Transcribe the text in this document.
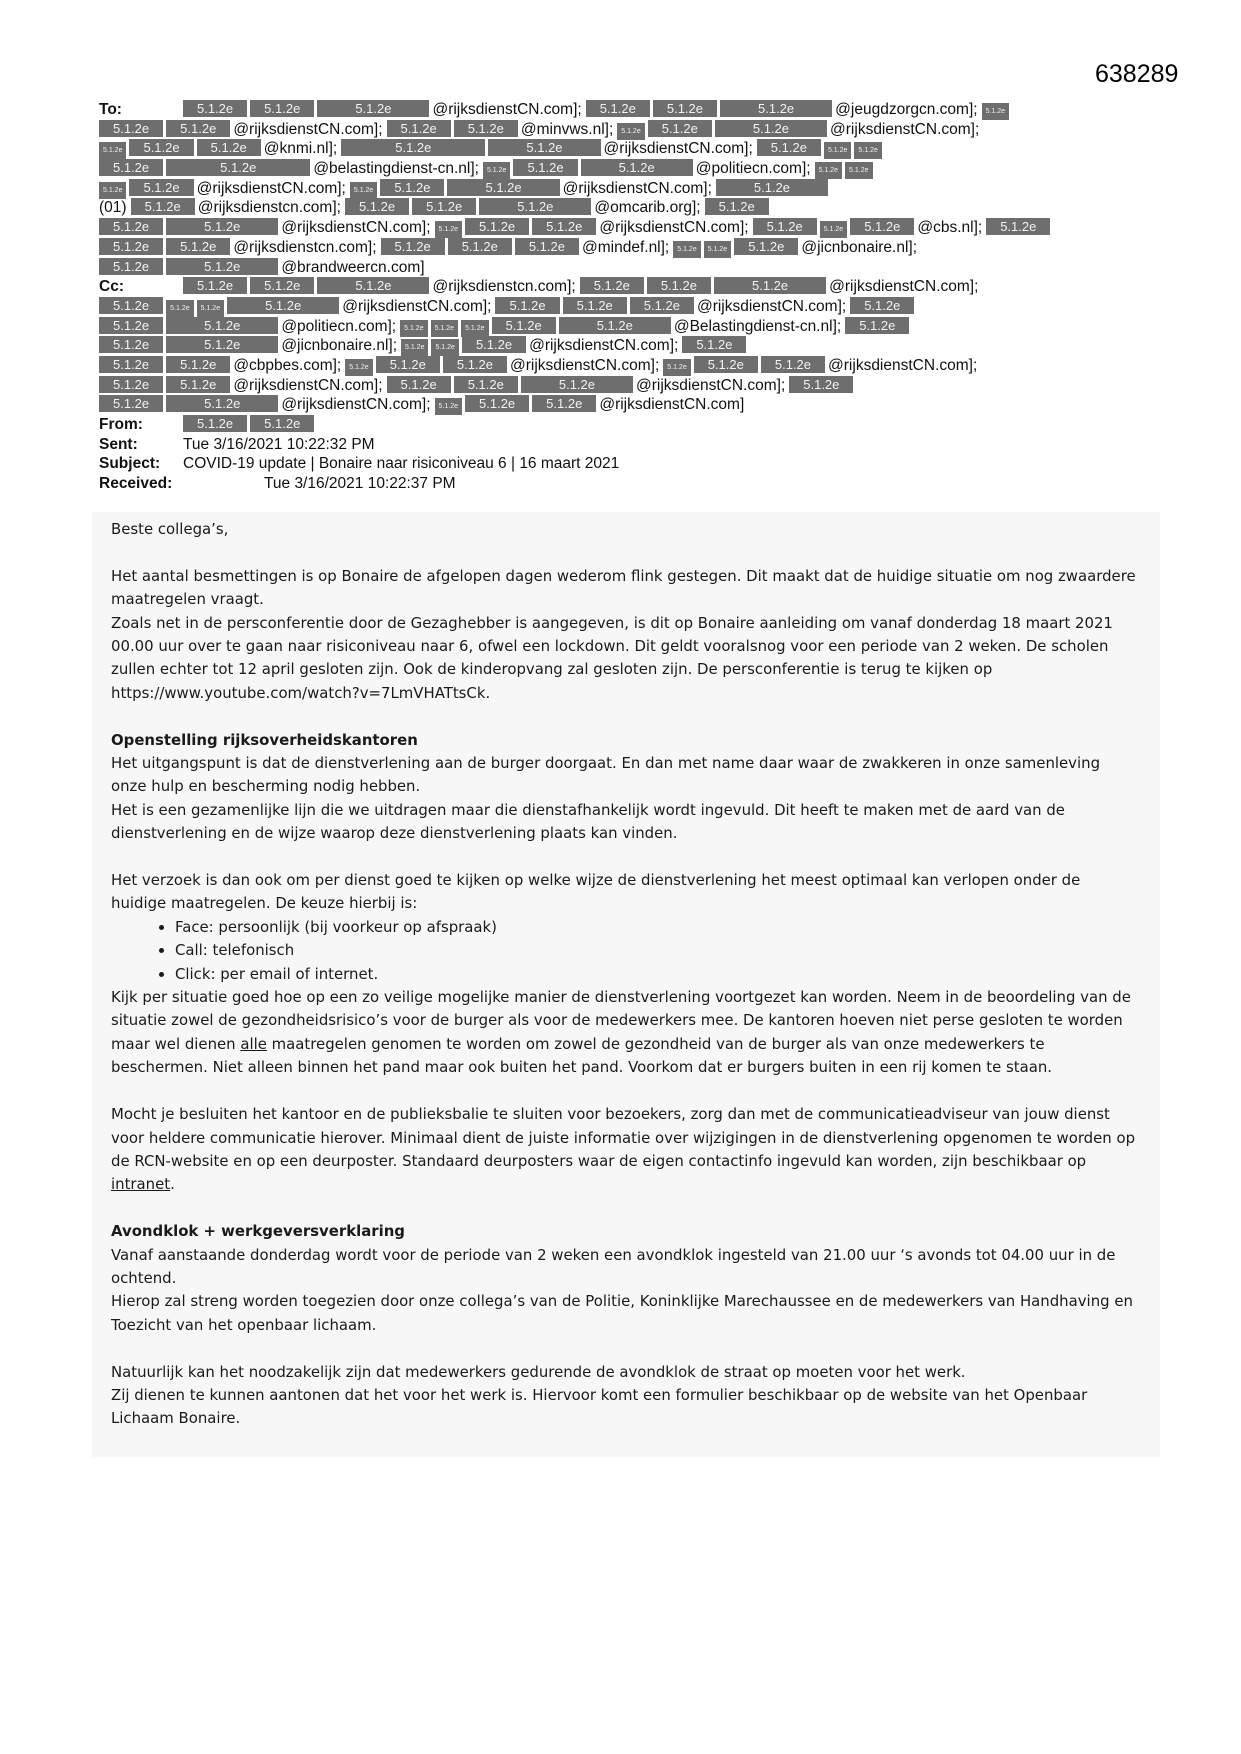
638289
To:	5.1.2e 5.1.2e	5.1.2e	@rijksdienstCN.com]; 5.1.2e 5.1.2e	5.1.2e	@jeugdzorgcn.com]; 5.1.2e
5.1.2e 5.1.2e @rijksdienstCN.com]; 5.1.2e 5.1.2e @minvws.nl]; 5.1.2e 5.1.2e	5.1.2e	@rijksdienstCN.com];
5.1.2e 5.1.2e 5.1.2e @knmi.nl];	5.1.2e	5.1.2e	@rijksdienstCN.com]; 5.1.2e	5.1.2e 5.1.2e
5.1.2e	5.1.2e	@belastingdienst-cn.nl]; 5.1.2e 5.1.2e	5.1.2e	@politiecn.com]; 5.1.2e 5.1.2e
5.1.2e 5.1.2e @rijksdienstCN.com]; 5.1.2e 5.1.2e	5.1.2e	@rijksdienstCN.com];	5.1.2e
(01) 5.1.2e @rijksdienstcn.com]; 5.1.2e 5.1.2e	5.1.2e	@omcarib.org]; 5.1.2e
5.1.2e	5.1.2e	@rijksdienstCN.com]; 5.1.2e 5.1.2e 5.1.2e @rijksdienstCN.com]; 5.1.2e	5.1.2e 5.1.2e @cbs.nl]; 5.1.2e
5.1.2e 5.1.2e @rijksdienstcn.com]; 5.1.2e 5.1.2e 5.1.2e @mindef.nl]; 5.1.2e 5.1.2e 5.1.2e @jicnbonaire.nl];
5.1.2e	5.1.2e	@brandweercn.com]
Cc:	5.1.2e 5.1.2e	5.1.2e	@rijksdienstcn.com]; 5.1.2e 5.1.2e	5.1.2e	@rijksdienstCN.com];
5.1.2e	5.1.2e 5.1.2e	5.1.2e	@rijksdienstCN.com]; 5.1.2e 5.1.2e 5.1.2e @rijksdienstCN.com]; 5.1.2e
5.1.2e	5.1.2e	@politiecn.com]; 5.1.2e 5.1.2e 5.1.2e 5.1.2e	5.1.2e	@Belastingdienst-cn.nl]; 5.1.2e
5.1.2e	5.1.2e	@jicnbonaire.nl]; 5.1.2e 5.1.2e 5.1.2e @rijksdienstCN.com]; 5.1.2e
5.1.2e 5.1.2e @cbpbes.com]; 5.1.2e 5.1.2e 5.1.2e @rijksdienstCN.com]; 5.1.2e 5.1.2e 5.1.2e @rijksdienstCN.com];
5.1.2e 5.1.2e @rijksdienstCN.com]; 5.1.2e 5.1.2e	5.1.2e	@rijksdienstCN.com]; 5.1.2e
5.1.2e	5.1.2e	@rijksdienstCN.com]; 5.1.2e 5.1.2e 5.1.2e @rijksdienstCN.com]
From:	5.1.2e 5.1.2e
Sent:	Tue 3/16/2021 10:22:32 PM
Subject: COVID-19 update | Bonaire naar risiconiveau 6 | 16 maart 2021
Received:	Tue 3/16/2021 10:22:37 PM

Beste collega’s,

Het aantal besmettingen is op Bonaire de afgelopen dagen wederom flink gestegen. Dit maakt dat de huidige situatie om nog zwaardere maatregelen vraagt.

Zoals net in de persconferentie door de Gezaghebber is aangegeven, is dit op Bonaire aanleiding om vanaf donderdag 18 maart 2021 00.00 uur over te gaan naar risiconiveau naar 6, ofwel een lockdown. Dit geldt vooralsnog voor een periode van 2 weken. De scholen zullen echter tot 12 april gesloten zijn. Ook de kinderopvang zal gesloten zijn. De persconferentie is terug te kijken op https://www.youtube.com/watch?v=7LmVHATtsCk.

Openstelling rijksoverheidskantoren

Het uitgangspunt is dat de dienstverlening aan de burger doorgaat. En dan met name daar waar de zwakkeren in onze samenleving onze hulp en bescherming nodig hebben.

Het is een gezamenlijke lijn die we uitdragen maar die dienstafhankelijk wordt ingevuld. Dit heeft te maken met de aard van de dienstverlening en de wijze waarop deze dienstverlening plaats kan vinden.

Het verzoek is dan ook om per dienst goed te kijken op welke wijze de dienstverlening het meest optimaal kan verlopen onder de huidige maatregelen. De keuze hierbij is:

• Face: persoonlijk (bij voorkeur op afspraak)
• Call: telefonisch
• Click: per email of internet.

Kijk per situatie goed hoe op een zo veilige mogelijke manier de dienstverlening voortgezet kan worden. Neem in de beoordeling van de situatie zowel de gezondheidsrisico’s voor de burger als voor de medewerkers mee. De kantoren hoeven niet perse gesloten te worden maar wel dienen alle maatregelen genomen te worden om zowel de gezondheid van de burger als van onze medewerkers te beschermen. Niet alleen binnen het pand maar ook buiten het pand. Voorkom dat er burgers buiten in een rij komen te staan.

Mocht je besluiten het kantoor en de publieksbalie te sluiten voor bezoekers, zorg dan met de communicatieadviseur van jouw dienst voor heldere communicatie hierover. Minimaal dient de juiste informatie over wijzigingen in de dienstverlening opgenomen te worden op de RCN-website en op een deurposter. Standaard deurposters waar de eigen contactinfo ingevuld kan worden, zijn beschikbaar op intranet.

Avondklok + werkgeversverklaring

Vanaf aanstaande donderdag wordt voor de periode van 2 weken een avondklok ingesteld van 21.00 uur ‘s avonds tot 04.00 uur in de ochtend.

Hierop zal streng worden toegezien door onze collega’s van de Politie, Koninklijke Marechaussee en de medewerkers van Handhaving en Toezicht van het openbaar lichaam.

Natuurlijk kan het noodzakelijk zijn dat medewerkers gedurende de avondklok de straat op moeten voor het werk.

Zij dienen te kunnen aantonen dat het voor het werk is. Hiervoor komt een formulier beschikbaar op de website van het Openbaar Lichaam Bonaire.
